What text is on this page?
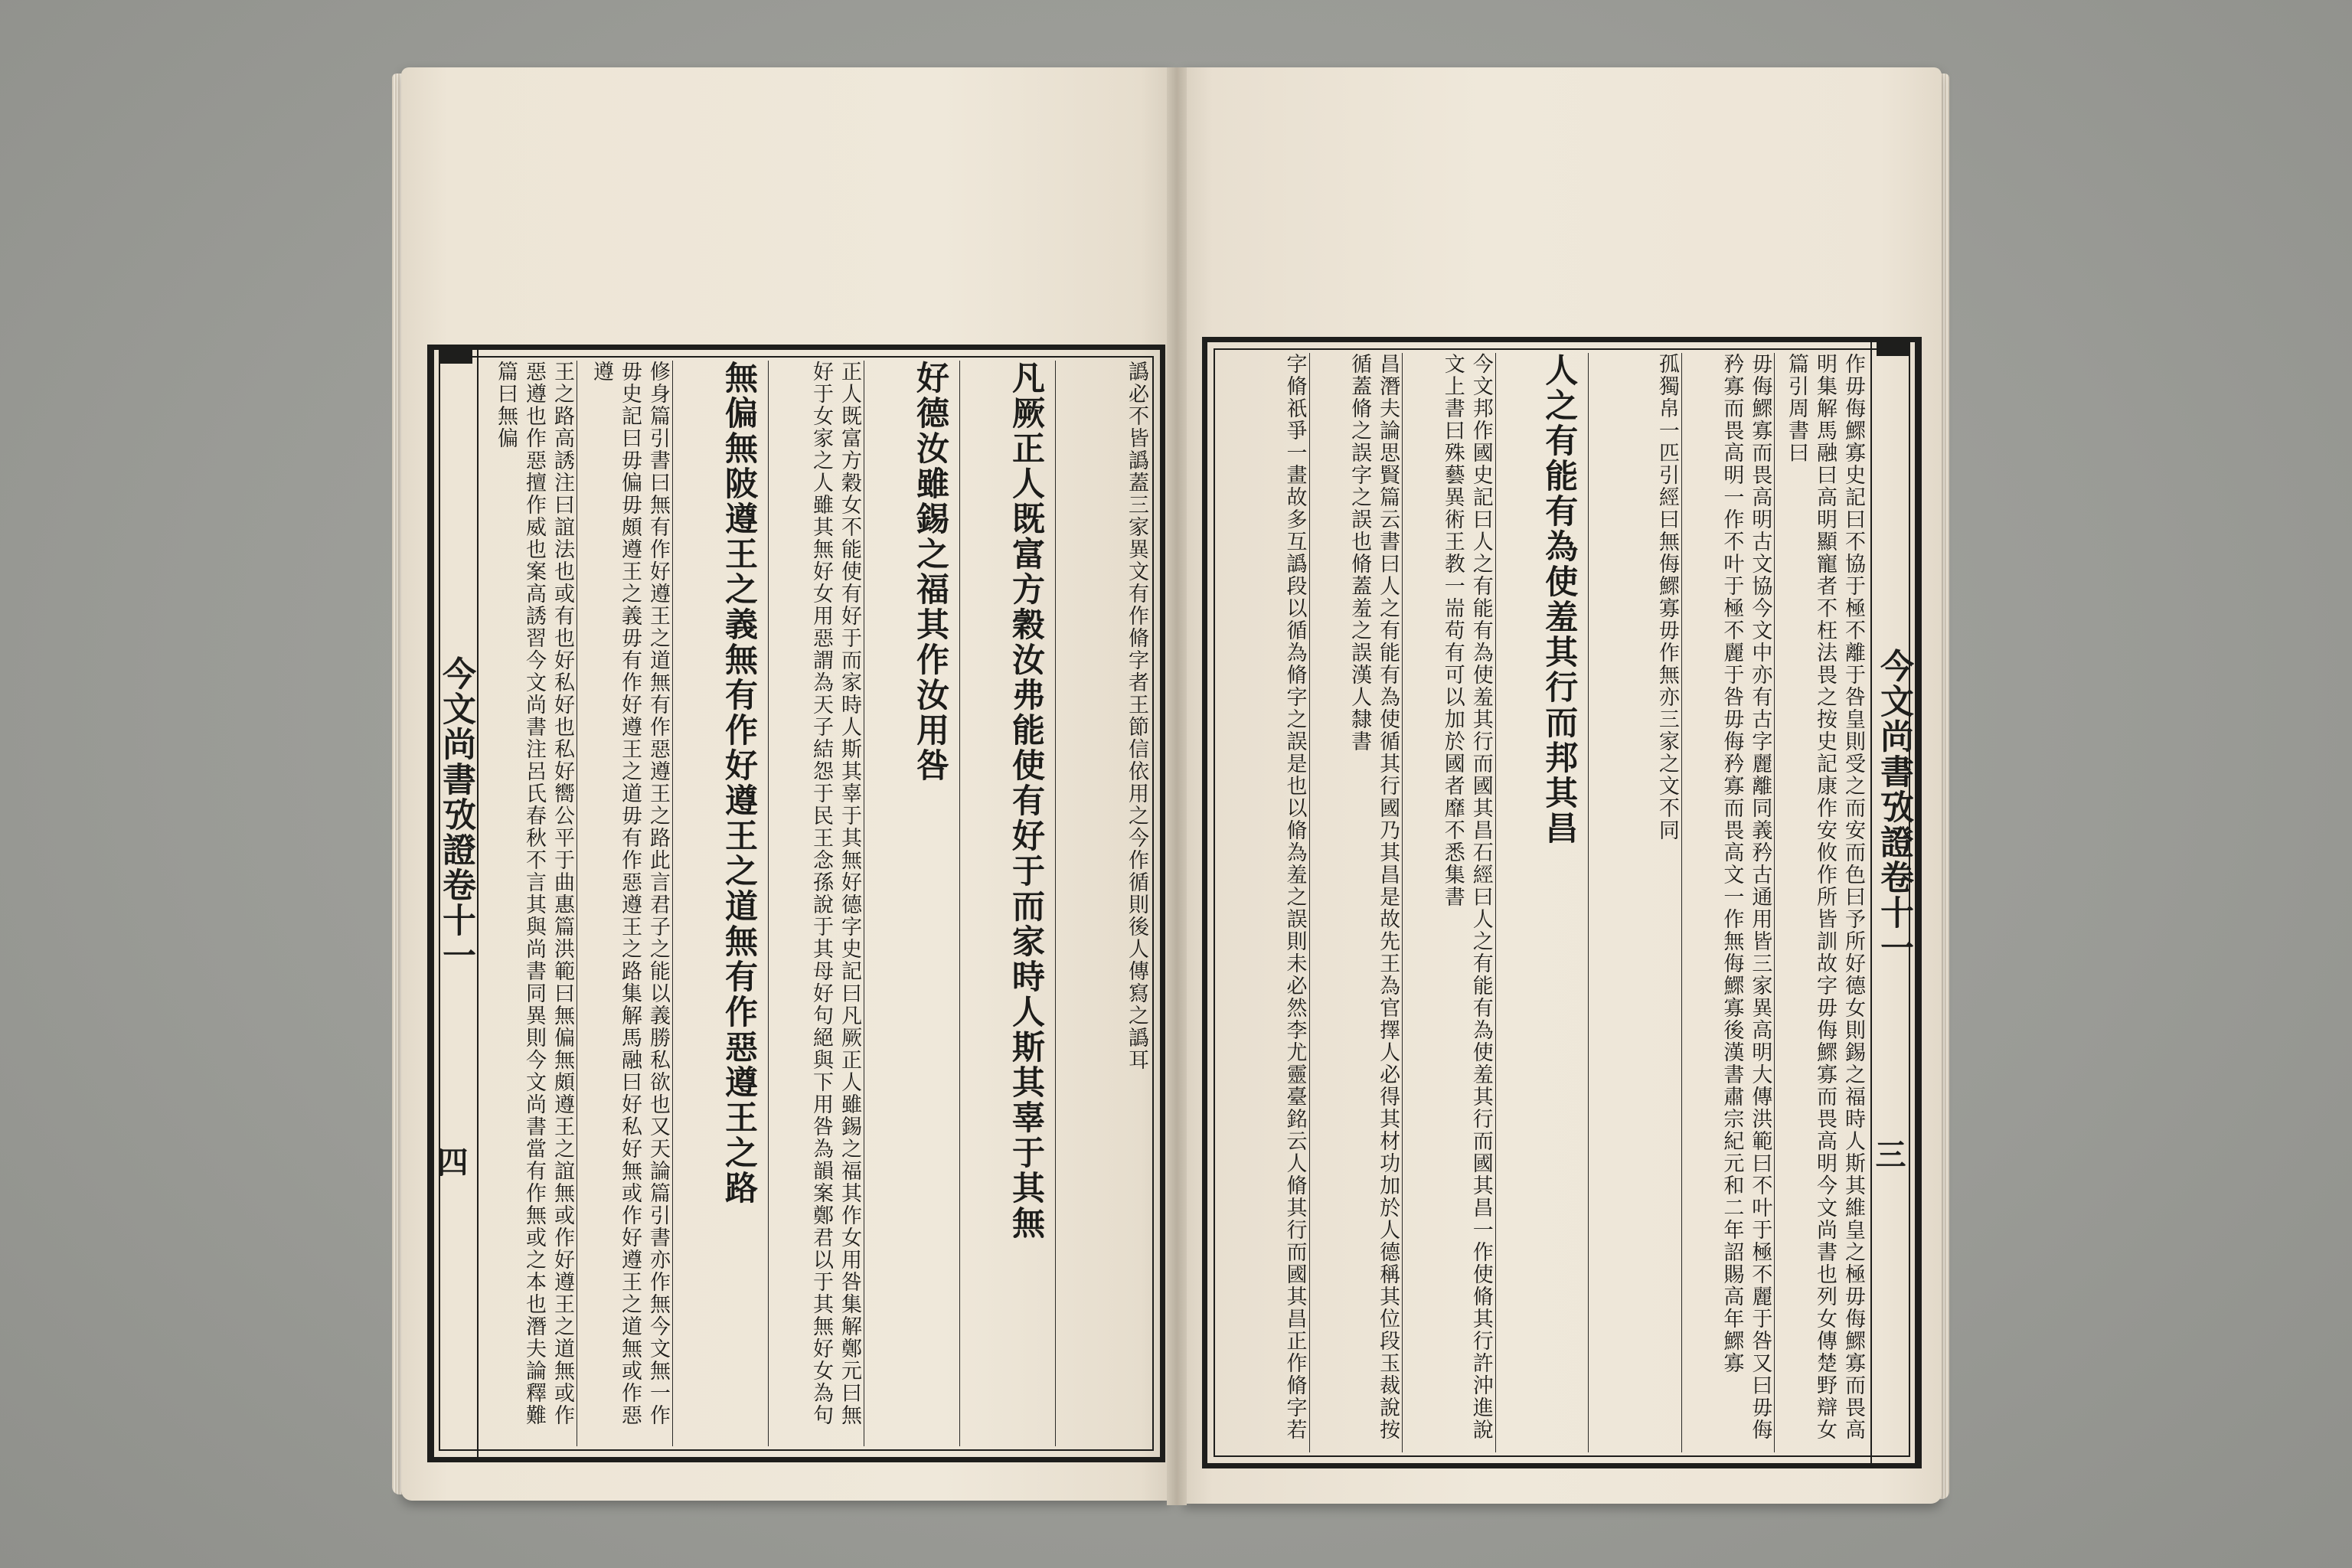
今文尚書攷證卷十一
四
譌必不皆譌蓋三家異文有作脩字者王節信依用之今作循則後人傳寫之譌耳
凡厥正人既富方穀汝弗能使有好于而家時人斯其辜于其無
好德汝雖錫之福其作汝用咎
正人既富方穀女不能使有好于而家時人斯其辜于其無好德字史記曰凡厥正人雖錫之福其作女用咎集解鄭元曰無好于女家之人雖其無好女用惡謂為天子結怨于民王念孫說于其母好句絕與下用咎為韻案鄭君以于其無好女為句
無偏無陂遵王之義無有作好遵王之道無有作惡遵王之路
修身篇引書曰無有作好遵王之道無有作惡遵王之路此言君子之能以義勝私欲也又天論篇引書亦作無今文無一作毋史記曰毋偏毋頗遵王之義毋有作好遵王之道毋有作惡遵王之路集解馬融曰好私好無或作好遵王之道無或作惡遵
王之路高誘注曰誼法也或有也好私好也私好嚮公平于曲惠篇洪範曰無偏無頗遵王之誼無或作好遵王之道無或作惡遵也作惡擅作威也案高誘習今文尚書注呂氏春秋不言其與尚書同異則今文尚書當有作無或之本也潛夫論釋難篇曰無偏
今文尚書攷證卷十一
三
作毋侮鰥寡史記曰不協于極不離于咎皇則受之而安而色曰予所好德女則錫之福時人斯其維皇之極毋侮鰥寡而畏高明集解馬融曰高明顯寵者不枉法畏之按史記康作安攸作所皆訓故字毋侮鰥寡而畏高明今文尚書也列女傳楚野辯女篇引周書曰
毋侮鰥寡而畏高明古文協今文中亦有古字麗離同義矜古通用皆三家異高明大傳洪範曰不叶于極不麗于咎又曰毋侮矜寡而畏高明一作不叶于極不麗于咎毋侮矜寡而畏高文一作無侮鰥寡後漢書肅宗紀元和二年詔賜高年鰥寡
孤獨帛一匹引經曰無侮鰥寡毋作無亦三家之文不同
人之有能有為使羞其行而邦其昌
今文邦作國史記曰人之有能有為使羞其行而國其昌石經曰人之有能有為使羞其行而國其昌一作使脩其行許沖進說文上書曰殊藝異術王教一耑苟有可以加於國者靡不悉集書
昌潛夫論思賢篇云書曰人之有能有為使循其行國乃其昌是故先王為官擇人必得其材功加於人德稱其位段玉裁說按循蓋脩之誤字之誤也脩蓋羞之誤漢人隸書
字脩祇爭一畫故多互譌段以循為脩字之誤是也以脩為羞之誤則未必然李尤靈臺銘云人脩其行而國其昌正作脩字若
